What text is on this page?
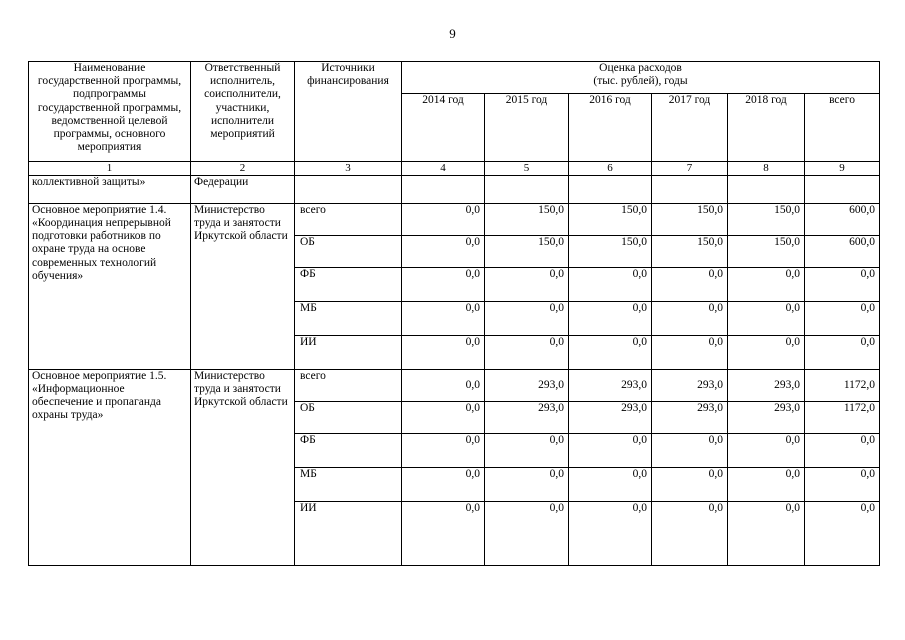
9
Наименование государственной программы, подпрограммы государственной программы, ведомственной целевой программы, основного мероприятия	Ответственный исполнитель, соисполнители, участники, исполнители мероприятий	Источники финансирования	Оценка расходов
(тыс. рублей), годы					

			2014 год	2015 год	2016 год	2017 год	2018 год	всего
1	2	3	4	5	6	7	8	9
коллективной защиты»	Федерации							
Основное мероприятие 1.4. «Координация непрерывной подготовки работников по охране труда на основе современных технологий обучения»	Министерство труда и занятости Иркутской области	всего	0,0	150,0	150,0	150,0	150,0	600,0
		ОБ	0,0	150,0	150,0	150,0	150,0	600,0
		ФБ	0,0	0,0	0,0	0,0	0,0	0,0
		МБ	0,0	0,0	0,0	0,0	0,0	0,0
		ИИ	0,0	0,0	0,0	0,0	0,0	0,0
Основное мероприятие 1.5. «Информационное обеспечение и пропаганда охраны труда»	Министерство труда и занятости Иркутской области	всего	0,0	293,0	293,0	293,0	293,0	1172,0
		ОБ	0,0	293,0	293,0	293,0	293,0	1172,0
		ФБ	0,0	0,0	0,0	0,0	0,0	0,0
		МБ	0,0	0,0	0,0	0,0	0,0	0,0
		ИИ	0,0	0,0	0,0	0,0	0,0	0,0
